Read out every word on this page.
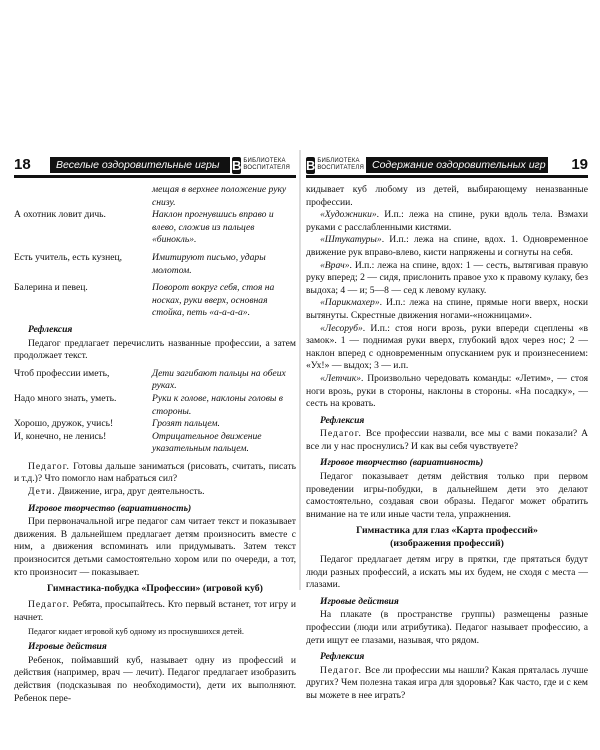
18	Веселые оздоровительные игры В БИБЛИОТЕКА
ВОСПИТАТЕЛЯ
мещая в верхнее положение руку
снизу.
А охотник ловит дичь.	Наклон прогнувшись вправо и влево, сложив из пальцев «бинокль».
Есть учитель, есть кузнец,	Имитируют письмо, удары молотом.
Балерина и певец.	Поворот вокруг себя, стоя на носках, руки вверх, основная стойка, петь «а-а-а-а».
Рефлексия

Педагог предлагает перечислить названные профессии, а затем продолжает текст.

Чтоб профессии иметь,	Дети загибают пальцы на обеих руках.
Надо много знать, уметь.	Руки к голове, наклоны головы в стороны.
Хорошо, дружок, учись!	Грозят пальцем.
И, конечно, не ленись!	Отрицательное движение указательным пальцем.

Педагог. Готовы дальше заниматься (рисовать, считать, писать и т.д.)? Что помогло нам набраться сил?

Дети. Движение, игра, друг деятельность.

Игровое творчество (вариативность)

При первоначальной игре педагог сам читает текст и показывает движения. В дальнейшем предлагает детям произносить вместе с ним, а движения вспоминать или придумывать. Затем текст произносится детьми самостоятельно хором или по очереди, а тот, кто произносит — показывает.

Гимнастика-побудка «Профессии» (игровой куб)

Педагог. Ребята, просыпайтесь. Кто первый встанет, тот игру и начнет.

Педагог кидает игровой куб одному из проснувшихся детей.

Игровые действия

Ребенок, поймавший куб, называет одну из профессий и действия (например, врач — лечит). Педагог предлагает изобразить действия (подсказывая по необходимости), дети их выполняют. Ребенок пере-

В БИБЛИОТЕКА
ВОСПИТАТЕЛЯ Содержание оздоровительных игр 19

кидывает куб любому из детей, выбирающему неназванные профессии.

«Художники». И.п.: лежа на спине, руки вдоль тела. Взмахи руками с расслабленными кистями.

«Штукатуры». И.п.: лежа на спине, вдох. 1. Одновременное движение рук вправо-влево, кисти напряжены и согнуты на себя.

«Врач». И.п.: лежа на спине, вдох: 1 — сесть, вытягивая правую руку вперед; 2 — сидя, прислонить правое ухо к правому кулаку, без выдоха; 4 — и; 5—8 — сед к левому кулаку.

«Парикмахер». И.п.: лежа на спине, прямые ноги вверх, носки вытянуты. Скрестные движения ногами-«ножницами».

«Лесоруб». И.п.: стоя ноги врозь, руки впереди сцеплены «в замок». 1 — поднимая руки вверх, глубокий вдох через нос; 2 — наклон вперед с одновременным опусканием рук и произнесением: «Ух!» — выдох; 3 — и.п.

«Летчик». Произвольно чередовать команды: «Летим», — стоя ноги врозь, руки в стороны, наклоны в стороны. «На посадку», — сесть на кровать.

Рефлексия

Педагог. Все профессии назвали, все мы с вами показали? А все ли у нас проснулись? И как вы себя чувствуете?

Игровое творчество (вариативность)

Педагог показывает детям действия только при первом проведении игры-побудки, в дальнейшем дети это делают самостоятельно, создавая свои образы. Педагог может обратить внимание на те или иные части тела, упражнения.

Гимнастика для глаз «Карта профессий»
(изображения профессий)

Педагог предлагает детям игру в прятки, где прятаться будут люди разных профессий, а искать мы их будем, не сходя с места — глазами.

Игровые действия

На плакате (в пространстве группы) размещены разные профессии (люди или атрибутика). Педагог называет профессию, а дети ищут ее глазами, называя, что рядом.

Рефлексия

Педагог. Все ли профессии мы нашли? Какая пряталась лучше других? Чем полезна такая игра для здоровья? Как часто, где и с кем вы можете в нее играть?
